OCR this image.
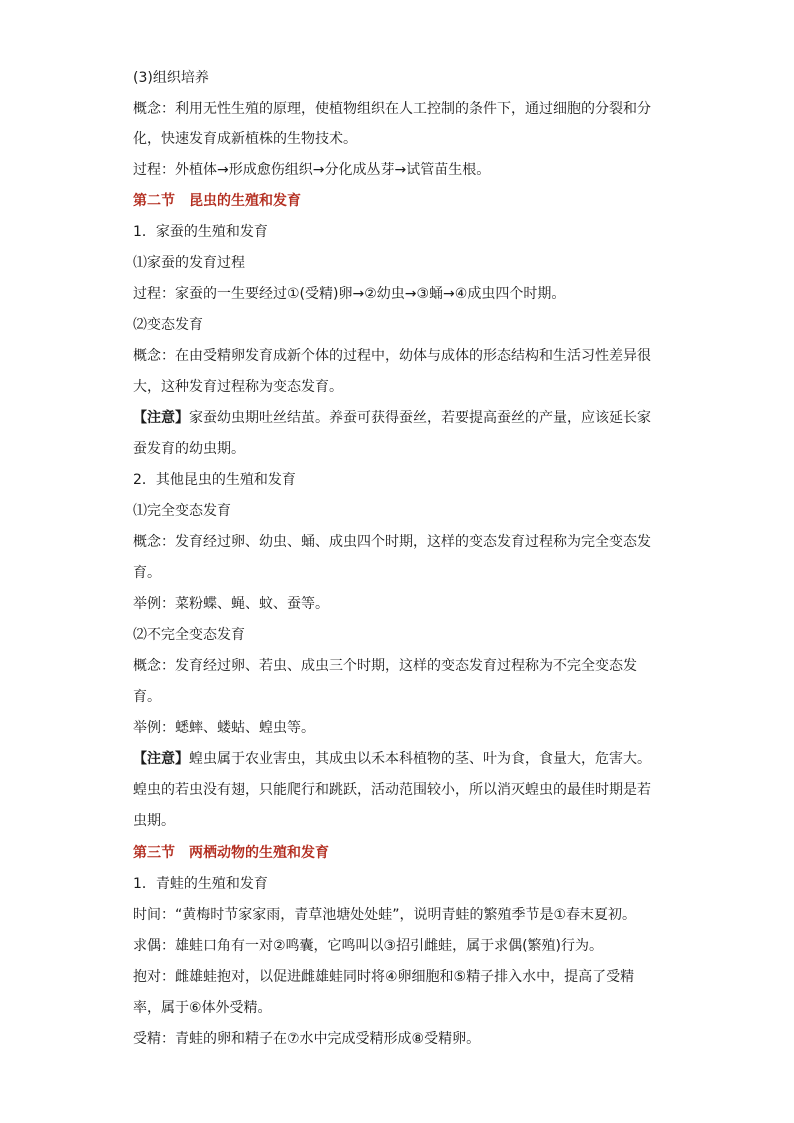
(3)组织培养
概念：利用无性生殖的原理，使植物组织在人工控制的条件下，通过细胞的分裂和分
化，快速发育成新植株的生物技术。
过程：外植体→形成愈伤组织→分化成丛芽→试管苗生根。
第二节　昆虫的生殖和发育
1．家蚕的生殖和发育
⑴家蚕的发育过程
过程：家蚕的一生要经过①(受精)卵→②幼虫→③蛹→④成虫四个时期。
⑵变态发育
概念：在由受精卵发育成新个体的过程中，幼体与成体的形态结构和生活习性差异很
大，这种发育过程称为变态发育。
【注意】家蚕幼虫期吐丝结茧。养蚕可获得蚕丝，若要提高蚕丝的产量，应该延长家
蚕发育的幼虫期。
2．其他昆虫的生殖和发育
⑴完全变态发育
概念：发育经过卵、幼虫、蛹、成虫四个时期，这样的变态发育过程称为完全变态发
育。
举例：菜粉蝶、蝇、蚊、蚕等。
⑵不完全变态发育
概念：发育经过卵、若虫、成虫三个时期，这样的变态发育过程称为不完全变态发
育。
举例：蟋蟀、蝼蛄、蝗虫等。
【注意】蝗虫属于农业害虫，其成虫以禾本科植物的茎、叶为食，食量大，危害大。
蝗虫的若虫没有翅，只能爬行和跳跃，活动范围较小，所以消灭蝗虫的最佳时期是若
虫期。
第三节　两栖动物的生殖和发育
1．青蛙的生殖和发育
时间：“黄梅时节家家雨，青草池塘处处蛙”，说明青蛙的繁殖季节是①春末夏初。
求偶：雄蛙口角有一对②鸣囊，它鸣叫以③招引雌蛙，属于求偶(繁殖)行为。
抱对：雌雄蛙抱对，以促进雌雄蛙同时将④卵细胞和⑤精子排入水中，提高了受精
率，属于⑥体外受精。
受精：青蛙的卵和精子在⑦水中完成受精形成⑧受精卵。
